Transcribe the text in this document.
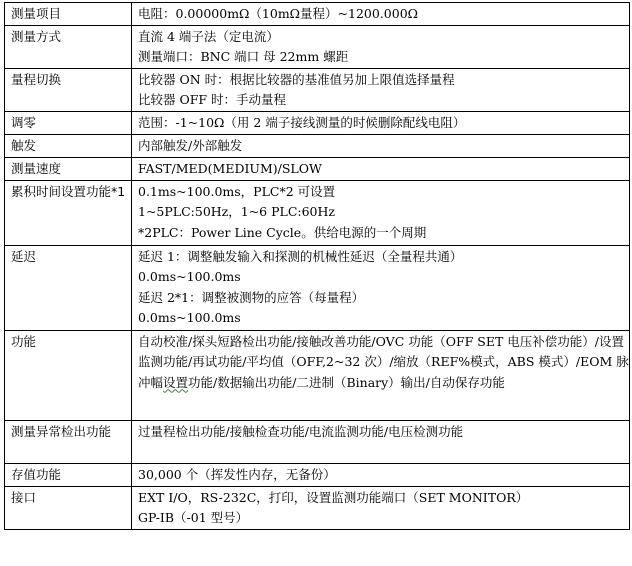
测量项目	电阻：0.00000mΩ（10mΩ量程）~1200.000Ω

测量方式	直流 4 端子法（定电流）
测量端口：BNC 端口 母 22mm 螺距

量程切换	比较器 ON 时：根据比较器的基准值另加上限值选择量程
比较器 OFF 时：手动量程

调零	范围：-1~10Ω（用 2 端子接线测量的时候删除配线电阻）

触发	内部触发/外部触发

测量速度	FAST/MED(MEDIUM)/SLOW

累积时间设置功能*1	0.1ms~100.0ms，PLC*2 可设置
1~5PLC:50Hz，1~6 PLC:60Hz
*2PLC：Power Line Cycle。供给电源的一个周期

延迟	延迟 1：调整触发输入和探测的机械性延迟（全量程共通）
0.0ms~100.0ms
延迟 2*1：调整被测物的应答（每量程）
0.0ms~100.0ms

功能	自动校准/探头短路检出功能/接触改善功能/OVC 功能（OFF SET 电压补偿功能）/设置监测功能/再试功能/平均值（OFF,2~32 次）/缩放（REF%模式，ABS 模式）/EOM 脉冲幅设置功能/数据输出功能/二进制（Binary）输出/自动保存功能

测量异常检出功能	过量程检出功能/接触检查功能/电流监测功能/电压检测功能

存值功能	30,000 个（挥发性内存，无备份）

接口	EXT I/O，RS-232C，打印，设置监测功能端口（SET MONITOR）
GP-IB（-01 型号）
